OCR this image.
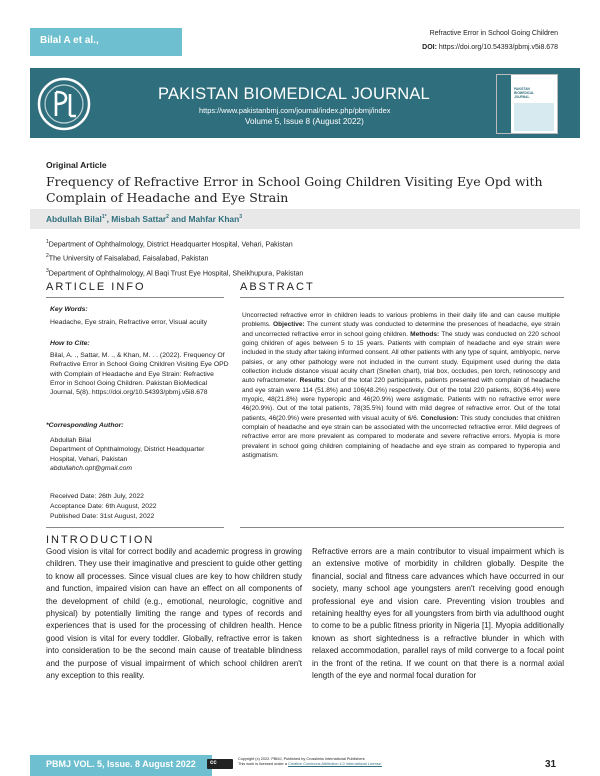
Bilal A et al.,
Refractive Error in School Going Children
DOI: https://doi.org/10.54393/pbmj.v5i8.678
PAKISTAN BIOMEDICAL JOURNAL
https://www.pakistanbmj.com/journal/index.php/pbmj/index
Volume 5, Issue 8 (August 2022)
PAKISTAN
BIOMEDICAL
JOURNAL
Original Article
Frequency of Refractive Error in School Going Children Visiting Eye Opd with Complain of Headache and Eye Strain
Abdullah Bilal$^{1*}$, Misbah Sattar$^2$ and Mahfar Khan$^3$
$^1$Department of Ophthalmology, District Headquarter Hospital, Vehari, Pakistan
$^2$The University of Faisalabad, Faisalabad, Pakistan
$^3$Department of Ophthalmology, Al Baqi Trust Eye Hospital, Sheikhupura, Pakistan
ARTICLE INFO	ABSTRACT
Key Words:
Headache, Eye strain, Refractive error, Visual acuity
How to Cite:
Bilal, A. ., Sattar, M. ., & Khan, M. . . (2022). Frequency Of Refractive Error in School Going Children Visiting Eye OPD with Complain of Headache and Eye Strain: Refractive Error in School Going Children. Pakistan BioMedical Journal, 5(8). https://doi.org/10.54393/pbmj.v5i8.678
*Corresponding Author:
Abdullah Bilal
Department of Ophthalmology, District Headquarter Hospital, Vehari, Pakistan
abdullahch.opt@gmail.com
Received Date: 26th July, 2022
Acceptance Date: 6th August, 2022
Published Date: 31st August, 2022
Uncorrected refractive error in children leads to various problems in their daily life and can cause multiple problems. Objective: The current study was conducted to determine the presences of headache, eye strain and uncorrected refractive error in school going children. Methods: The study was conducted on 220 school going children of ages between 5 to 15 years. Patients with complain of headache and eye strain were included in the study after taking informed consent. All other patients with any type of squint, amblyopic, nerve palsies, or any other pathology were not included in the current study. Equipment used during the data collection include distance visual acuity chart (Snellen chart), trial box, occludes, pen torch, retinoscopy and auto refractometer. Results: Out of the total 220 participants, patients presented with complain of headache and eye strain were 114 (51.8%) and 106(48.2%) respectively. Out of the total 220 patients, 80(36.4%) were myopic, 48(21.8%) were hyperopic and 46(20.9%) were astigmatic. Patients with no refractive error were 46(20.9%). Out of the total patients, 78(35.5%) found with mild degree of refractive error. Out of the total patients, 46(20.9%) were presented with visual acuity of 6/6. Conclusion: This study concludes that children complain of headache and eye strain can be associated with the uncorrected refractive error. Mild degrees of refractive error are more prevalent as compared to moderate and severe refractive errors. Myopia is more prevalent in school going children complaining of headache and eye strain as compared to hyperopia and astigmatism.
INTRODUCTION
Good vision is vital for correct bodily and academic progress in growing children. They use their imaginative and prescient to guide other getting to know all processes. Since visual clues are key to how children study and function, impaired vision can have an effect on all components of the development of child (e.g., emotional, neurologic, cognitive and physical) by potentially limiting the range and types of records and experiences that is used for the processing of children health. Hence good vision is vital for every toddler. Globally, refractive error is taken into consideration to be the second main cause of treatable blindness and the purpose of visual impairment of which school children aren't any exception to this reality.
Refractive errors are a main contributor to visual impairment which is an extensive motive of morbidity in children globally. Despite the financial, social and fitness care advances which have occurred in our society, many school age youngsters aren't receiving good enough professional eye and vision care. Preventing vision troubles and retaining healthy eyes for all youngsters from birth via adulthood ought to come to be a public fitness priority in Nigeria [1]. Myopia additionally known as short sightedness is a refractive blunder in which with relaxed accommodation, parallel rays of mild converge to a focal point in the front of the retina. If we count on that there is a normal axial length of the eye and normal focal duration for
PBMJ VOL. 5, Issue. 8 August 2022 cc
Copyright (c) 2022. PBMJ, Published by Crosslinks International Publishers
This work is licensed under a Creative Commons Attribution 4.0 International License.	31
